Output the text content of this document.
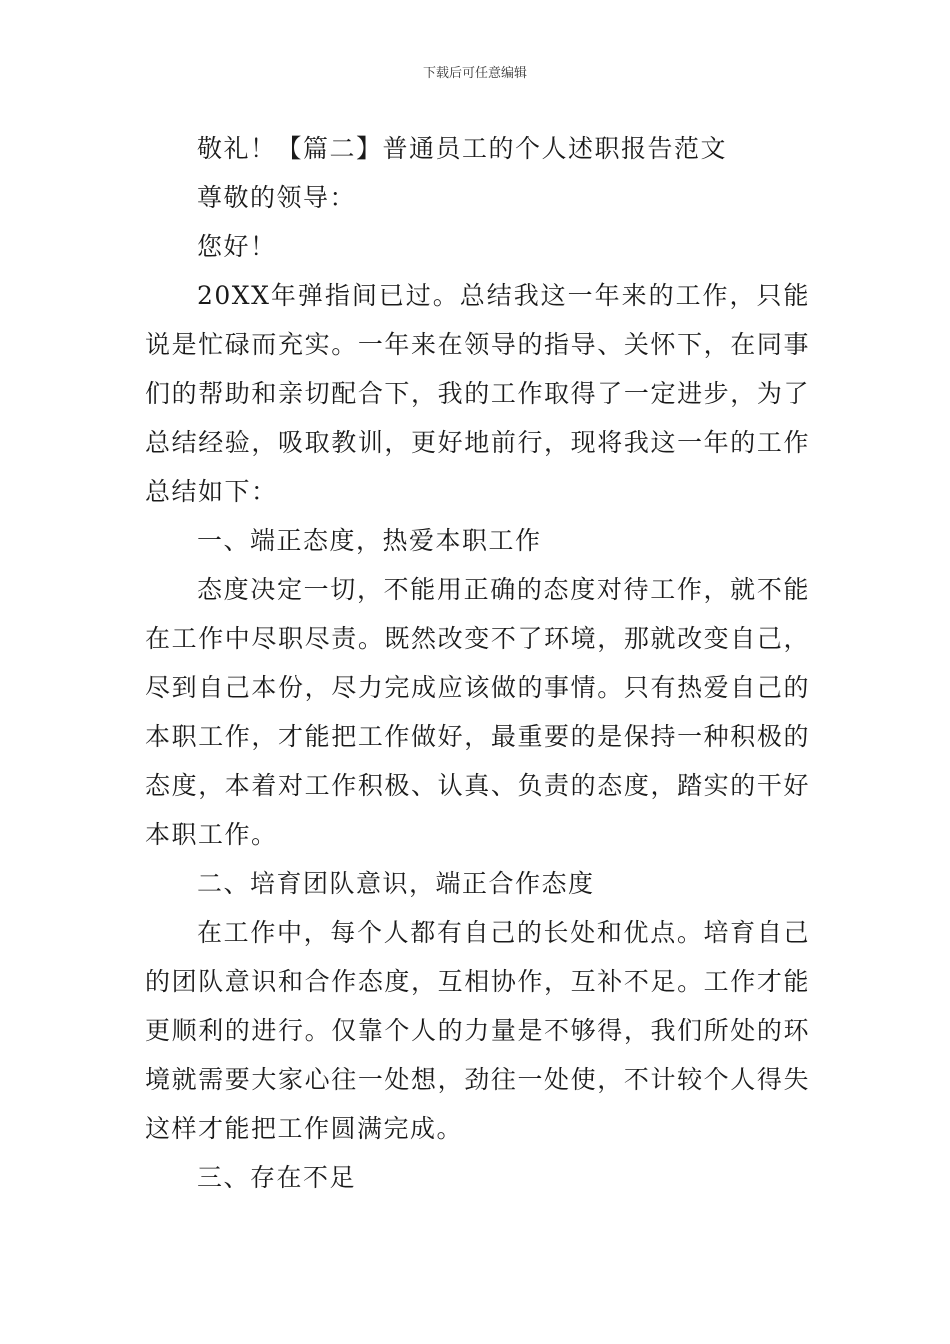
下载后可任意编辑

敬礼！【篇二】普通员工的个人述职报告范文

尊敬的领导：

您好！

20XX年弹指间已过。总结我这一年来的工作，只能说是忙碌而充实。一年来在领导的指导、关怀下，在同事们的帮助和亲切配合下，我的工作取得了一定进步，为了总结经验，吸取教训，更好地前行，现将我这一年的工作总结如下：

一、端正态度，热爱本职工作

态度决定一切，不能用正确的态度对待工作，就不能在工作中尽职尽责。既然改变不了环境，那就改变自己，尽到自己本份，尽力完成应该做的事情。只有热爱自己的本职工作，才能把工作做好，最重要的是保持一种积极的态度，本着对工作积极、认真、负责的态度，踏实的干好本职工作。

二、培育团队意识，端正合作态度

在工作中，每个人都有自己的长处和优点。培育自己的团队意识和合作态度，互相协作，互补不足。工作才能更顺利的进行。仅靠个人的力量是不够得，我们所处的环境就需要大家心往一处想，劲往一处使，不计较个人得失这样才能把工作圆满完成。

三、存在不足
